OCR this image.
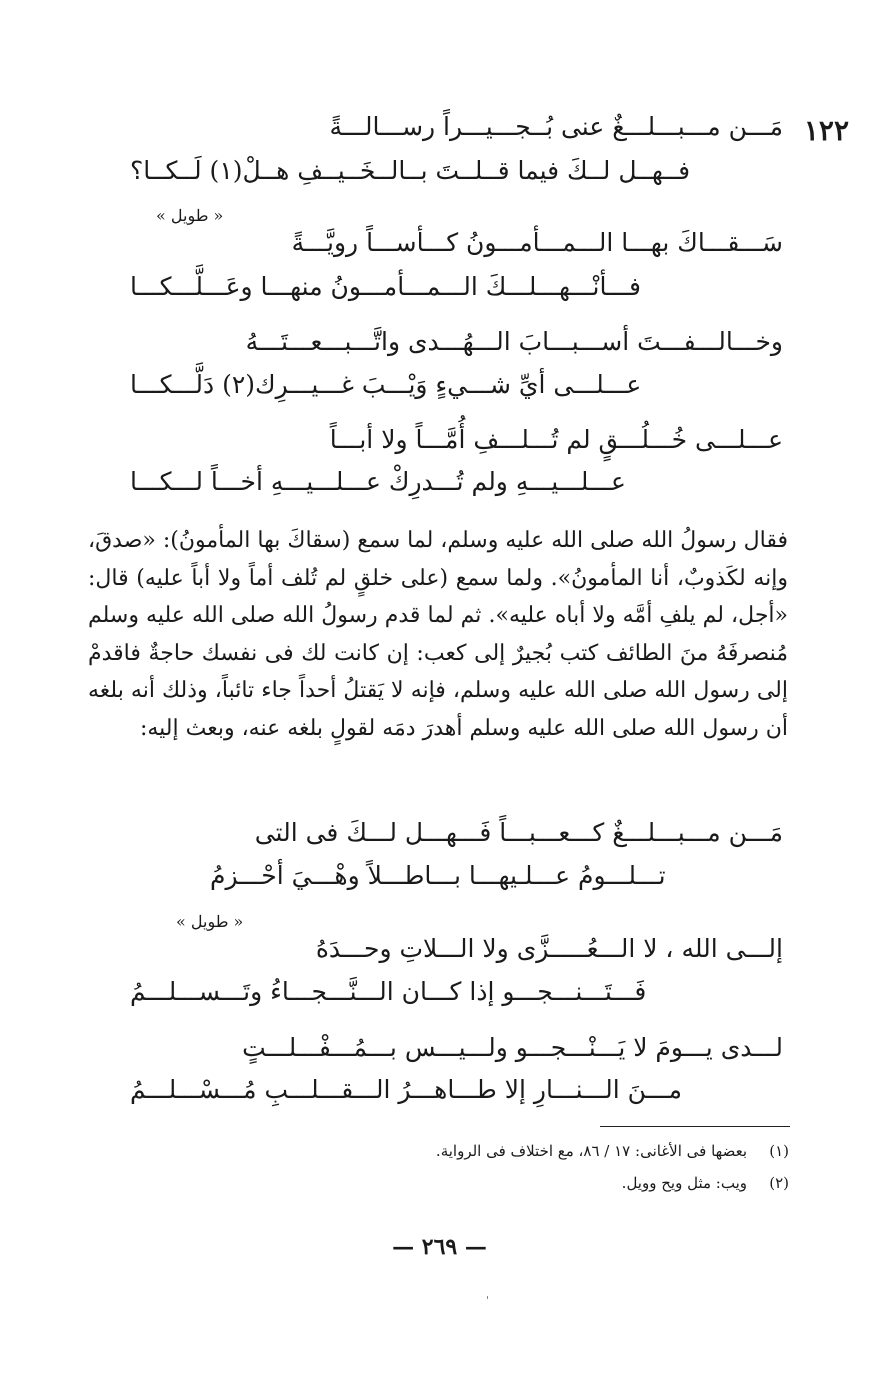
١٢٢
مَـــن مـــبـــلـــغٌ عنى بُــجـــيـــراً رســـالـــةً
فــهــل لــكَ فيما قــلــتَ بــالــخَــيــفِ هــلْ(١) لَــكــا؟
« طويل »
سَـــقـــاكَ بهـــا الـــمـــأمـــونُ كـــأســـاً رويَّـــةً
فـــأنْـــهـــلـــكَ الـــمـــأمـــونُ منهـــا وعَـــلَّـــكـــا
وخـــالـــفـــتَ أســـبـــابَ الـــهُـــدى واتَّـــبـــعـــتَـــهُ
عـــلـــى أيِّ شـــيءٍ وَيْـــبَ غـــيـــرِك(٢) دَلَّـــكـــا
عـــلـــى خُـــلُـــقٍ لم تُـــلـــفِ أُمَّـــاً ولا أبـــاً
عـــلـــيـــهِ ولم تُـــدرِكْ عـــلـــيـــهِ أخـــاً لـــكـــا

فقال رسولُ الله صلى الله عليه وسلم، لما سمع (سقاكَ بها المأمونُ): «صدقَ، وإنه لكَذوبٌ، أنا المأمونُ». ولما سمع (على خلقٍ لم تُلف أماً ولا أباً عليه) قال: «أجل، لم يلفِ أمَّه ولا أباه عليه». ثم لما قدم رسولُ الله صلى الله عليه وسلم مُنصرفَهُ منَ الطائف كتب بُجيرٌ إلى كعب: إن كانت لك فى نفسك حاجةٌ فاقدمْ إلى رسول الله صلى الله عليه وسلم، فإنه لا يَقتلُ أحداً جاء تائباً، وذلك أنه بلغه أن رسول الله صلى الله عليه وسلم أهدرَ دمَه لقولٍ بلغه عنه، وبعث إليه:

مَـــن مـــبـــلـــغٌ كـــعـــبـــاً فَـــهـــل لـــكَ فى التى
تـــلـــومُ عـــلـيهـــا بـــاطـــلاً وهْـــيَ أحْـــزمُ
« طويل »
إلـــى الله ، لا الـــعُـــــزَّى ولا الـــلاتِ وحـــدَهُ
فَـــتَـــنـــجـــو إذا كـــان الـــنَّـــجـــاءُ وتَـــســـلـــمُ
لـــدى يـــومَ لا يَـــنْـــجـــو ولـــيـــس بـــمُـــفْـــلـــتٍ
مـــنَ الـــنـــارِ إلا طـــاهـــرُ الـــقـــلـــبِ مُـــسْـــلـــمُ
(١)بعضها فى الأغانى: ١٧ / ٨٦، مع اختلاف فى الرواية.
(٢)ويب: مثل ويح وويل.
— ٢٦٩ —
